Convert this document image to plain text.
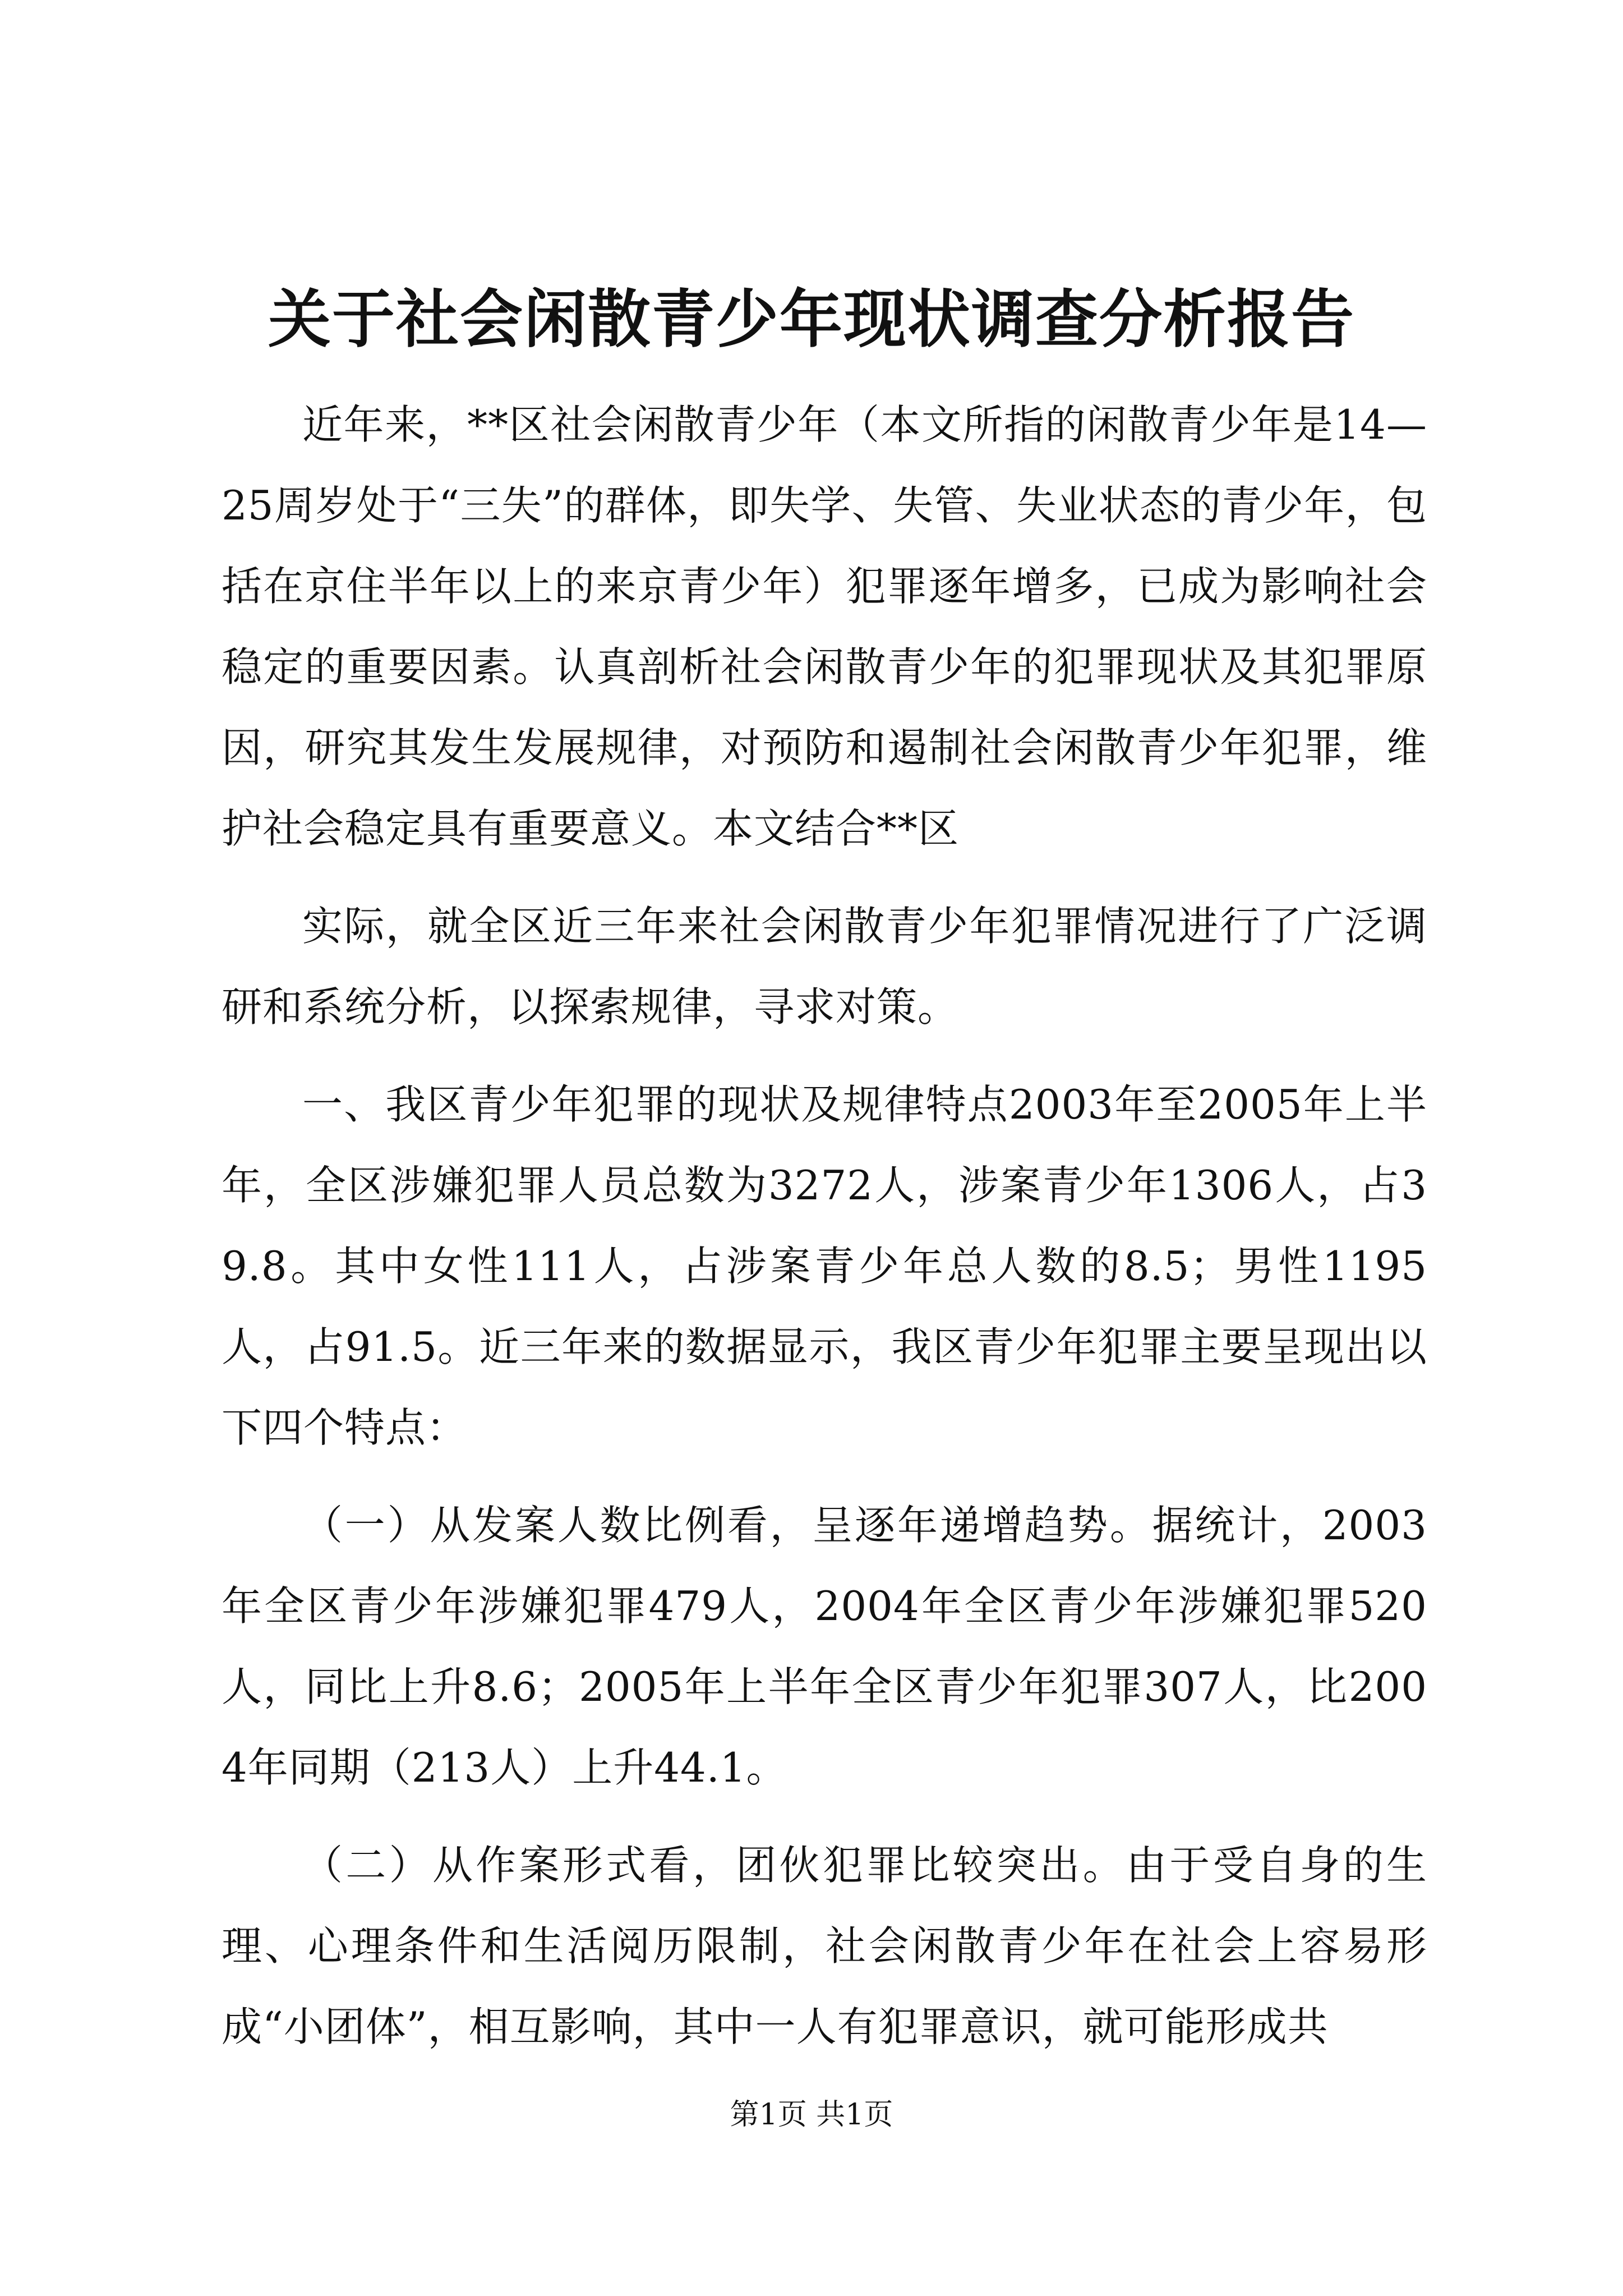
关于社会闲散青少年现状调查分析报告

近年来，**区社会闲散青少年（本文所指的闲散青少年是14—25周岁处于“三失”的群体，即失学、失管、失业状态的青少年，包括在京住半年以上的来京青少年）犯罪逐年增多，已成为影响社会稳定的重要因素。认真剖析社会闲散青少年的犯罪现状及其犯罪原因，研究其发生发展规律，对预防和遏制社会闲散青少年犯罪，维护社会稳定具有重要意义。本文结合**区

实际，就全区近三年来社会闲散青少年犯罪情况进行了广泛调研和系统分析，以探索规律，寻求对策。

一、我区青少年犯罪的现状及规律特点2003年至2005年上半年，全区涉嫌犯罪人员总数为3272人，涉案青少年1306人，占39.8。其中女性111人，占涉案青少年总人数的8.5；男性1195人，占91.5。近三年来的数据显示，我区青少年犯罪主要呈现出以下四个特点：

（一）从发案人数比例看，呈逐年递增趋势。据统计，2003年全区青少年涉嫌犯罪479人，2004年全区青少年涉嫌犯罪520人，同比上升8.6；2005年上半年全区青少年犯罪307人，比2004年同期（213人）上升44.1。

（二）从作案形式看，团伙犯罪比较突出。由于受自身的生理、心理条件和生活阅历限制，社会闲散青少年在社会上容易形成“小团体”，相互影响，其中一人有犯罪意识，就可能形成共

第1页 共1页
